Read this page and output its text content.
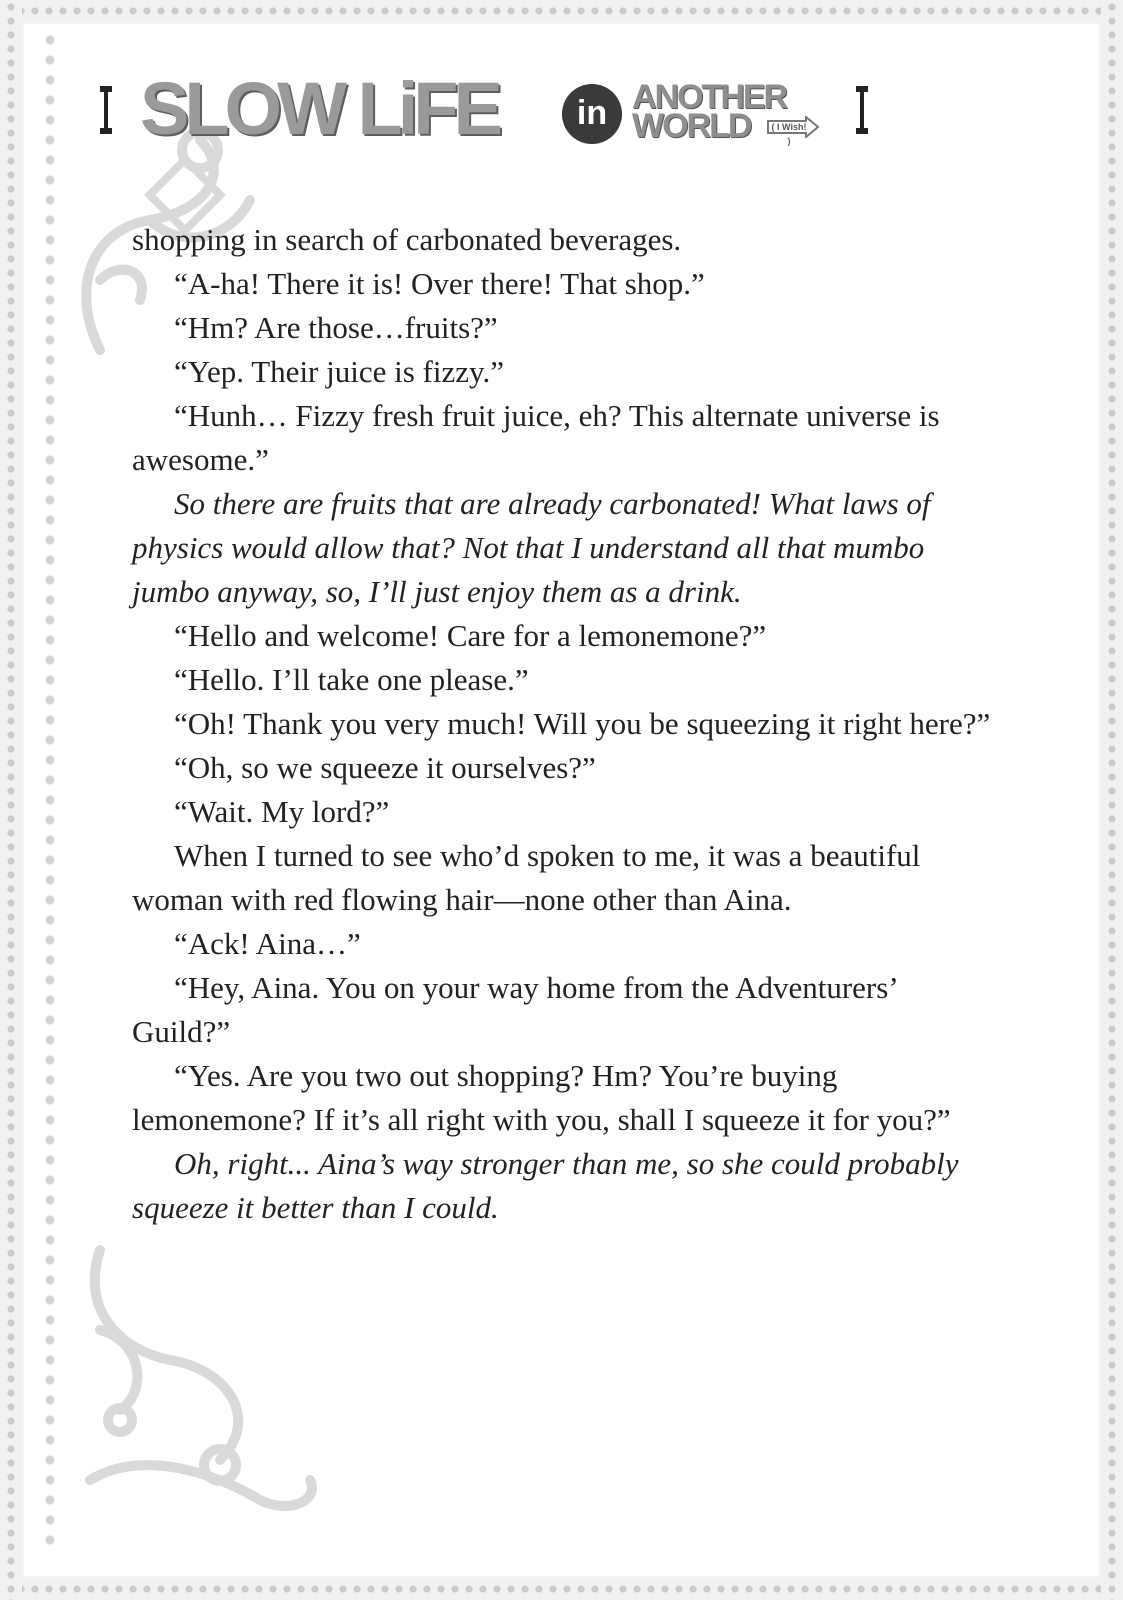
SLOW LiFE	in ANOTHER
WORLD ( I Wish! )

shopping in search of carbonated beverages.

“A-ha! There it is! Over there! That shop.”

“Hm? Are those…fruits?”

“Yep. Their juice is fizzy.”

“Hunh… Fizzy fresh fruit juice, eh? This alternate universe is awesome.”

So there are fruits that are already carbonated! What laws of physics would allow that? Not that I understand all that mumbo jumbo anyway, so, I’ll just enjoy them as a drink.

“Hello and welcome! Care for a lemonemone?”

“Hello. I’ll take one please.”

“Oh! Thank you very much! Will you be squeezing it right here?”

“Oh, so we squeeze it ourselves?”

“Wait. My lord?”

When I turned to see who’d spoken to me, it was a beautiful woman with red flowing hair—none other than Aina.

“Ack! Aina…”

“Hey, Aina. You on your way home from the Adventurers’ Guild?”

“Yes. Are you two out shopping? Hm? You’re buying lemonemone? If it’s all right with you, shall I squeeze it for you?”

Oh, right... Aina’s way stronger than me, so she could probably squeeze it better than I could.
